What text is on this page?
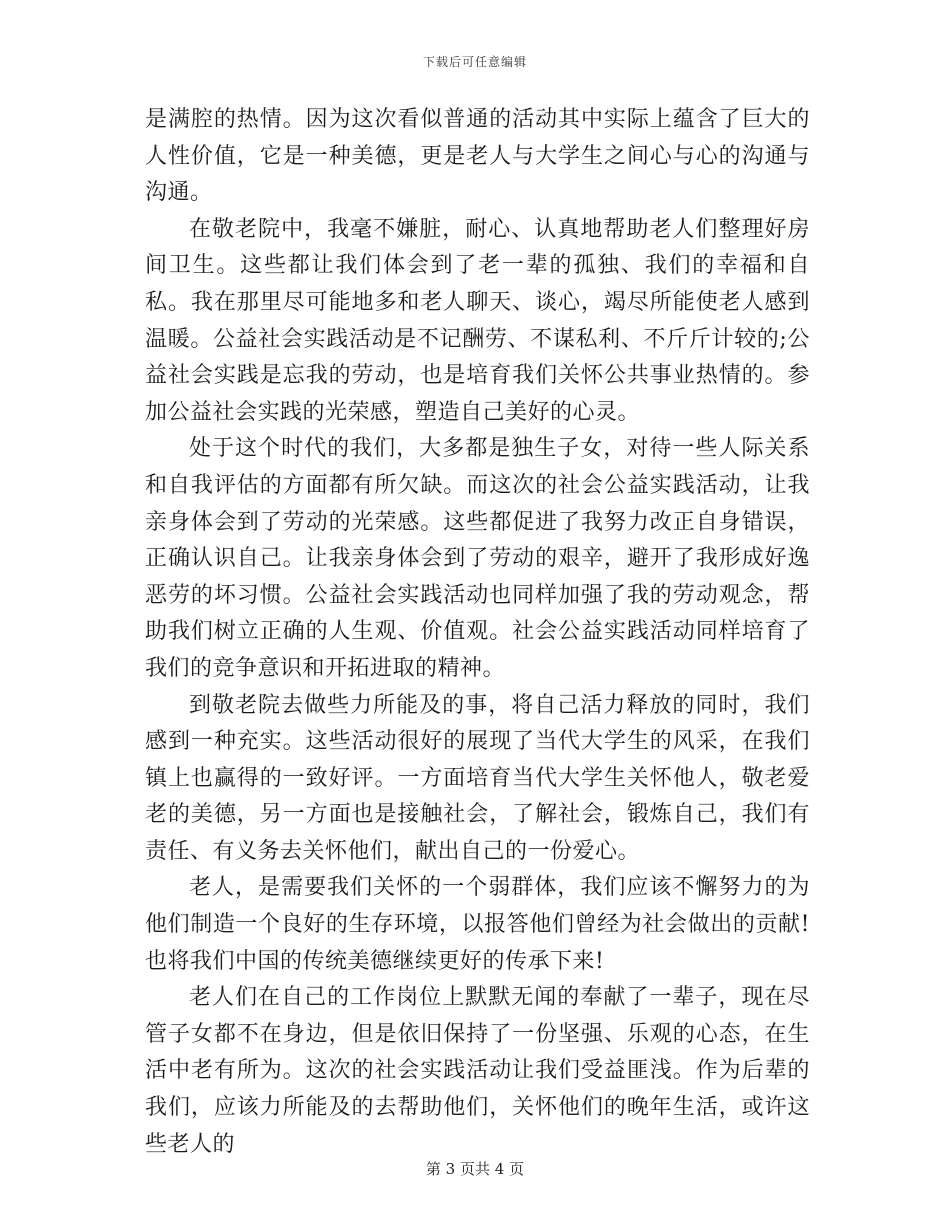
下载后可任意编辑

是满腔的热情。因为这次看似普通的活动其中实际上蕴含了巨大的人性价值，它是一种美德，更是老人与大学生之间心与心的沟通与沟通。

在敬老院中，我毫不嫌脏，耐心、认真地帮助老人们整理好房间卫生。这些都让我们体会到了老一辈的孤独、我们的幸福和自私。我在那里尽可能地多和老人聊天、谈心，竭尽所能使老人感到温暖。公益社会实践活动是不记酬劳、不谋私利、不斤斤计较的;公益社会实践是忘我的劳动，也是培育我们关怀公共事业热情的。参加公益社会实践的光荣感，塑造自己美好的心灵。

处于这个时代的我们，大多都是独生子女，对待一些人际关系和自我评估的方面都有所欠缺。而这次的社会公益实践活动，让我亲身体会到了劳动的光荣感。这些都促进了我努力改正自身错误，正确认识自己。让我亲身体会到了劳动的艰辛，避开了我形成好逸恶劳的坏习惯。公益社会实践活动也同样加强了我的劳动观念，帮助我们树立正确的人生观、价值观。社会公益实践活动同样培育了我们的竞争意识和开拓进取的精神。

到敬老院去做些力所能及的事，将自己活力释放的同时，我们感到一种充实。这些活动很好的展现了当代大学生的风采，在我们镇上也赢得的一致好评。一方面培育当代大学生关怀他人，敬老爱老的美德，另一方面也是接触社会，了解社会，锻炼自己，我们有责任、有义务去关怀他们，献出自己的一份爱心。

老人，是需要我们关怀的一个弱群体，我们应该不懈努力的为他们制造一个良好的生存环境，以报答他们曾经为社会做出的贡献!也将我们中国的传统美德继续更好的传承下来!

老人们在自己的工作岗位上默默无闻的奉献了一辈子，现在尽管子女都不在身边，但是依旧保持了一份坚强、乐观的心态，在生活中老有所为。这次的社会实践活动让我们受益匪浅。作为后辈的我们，应该力所能及的去帮助他们，关怀他们的晚年生活，或许这些老人的

第 3 页共 4 页
